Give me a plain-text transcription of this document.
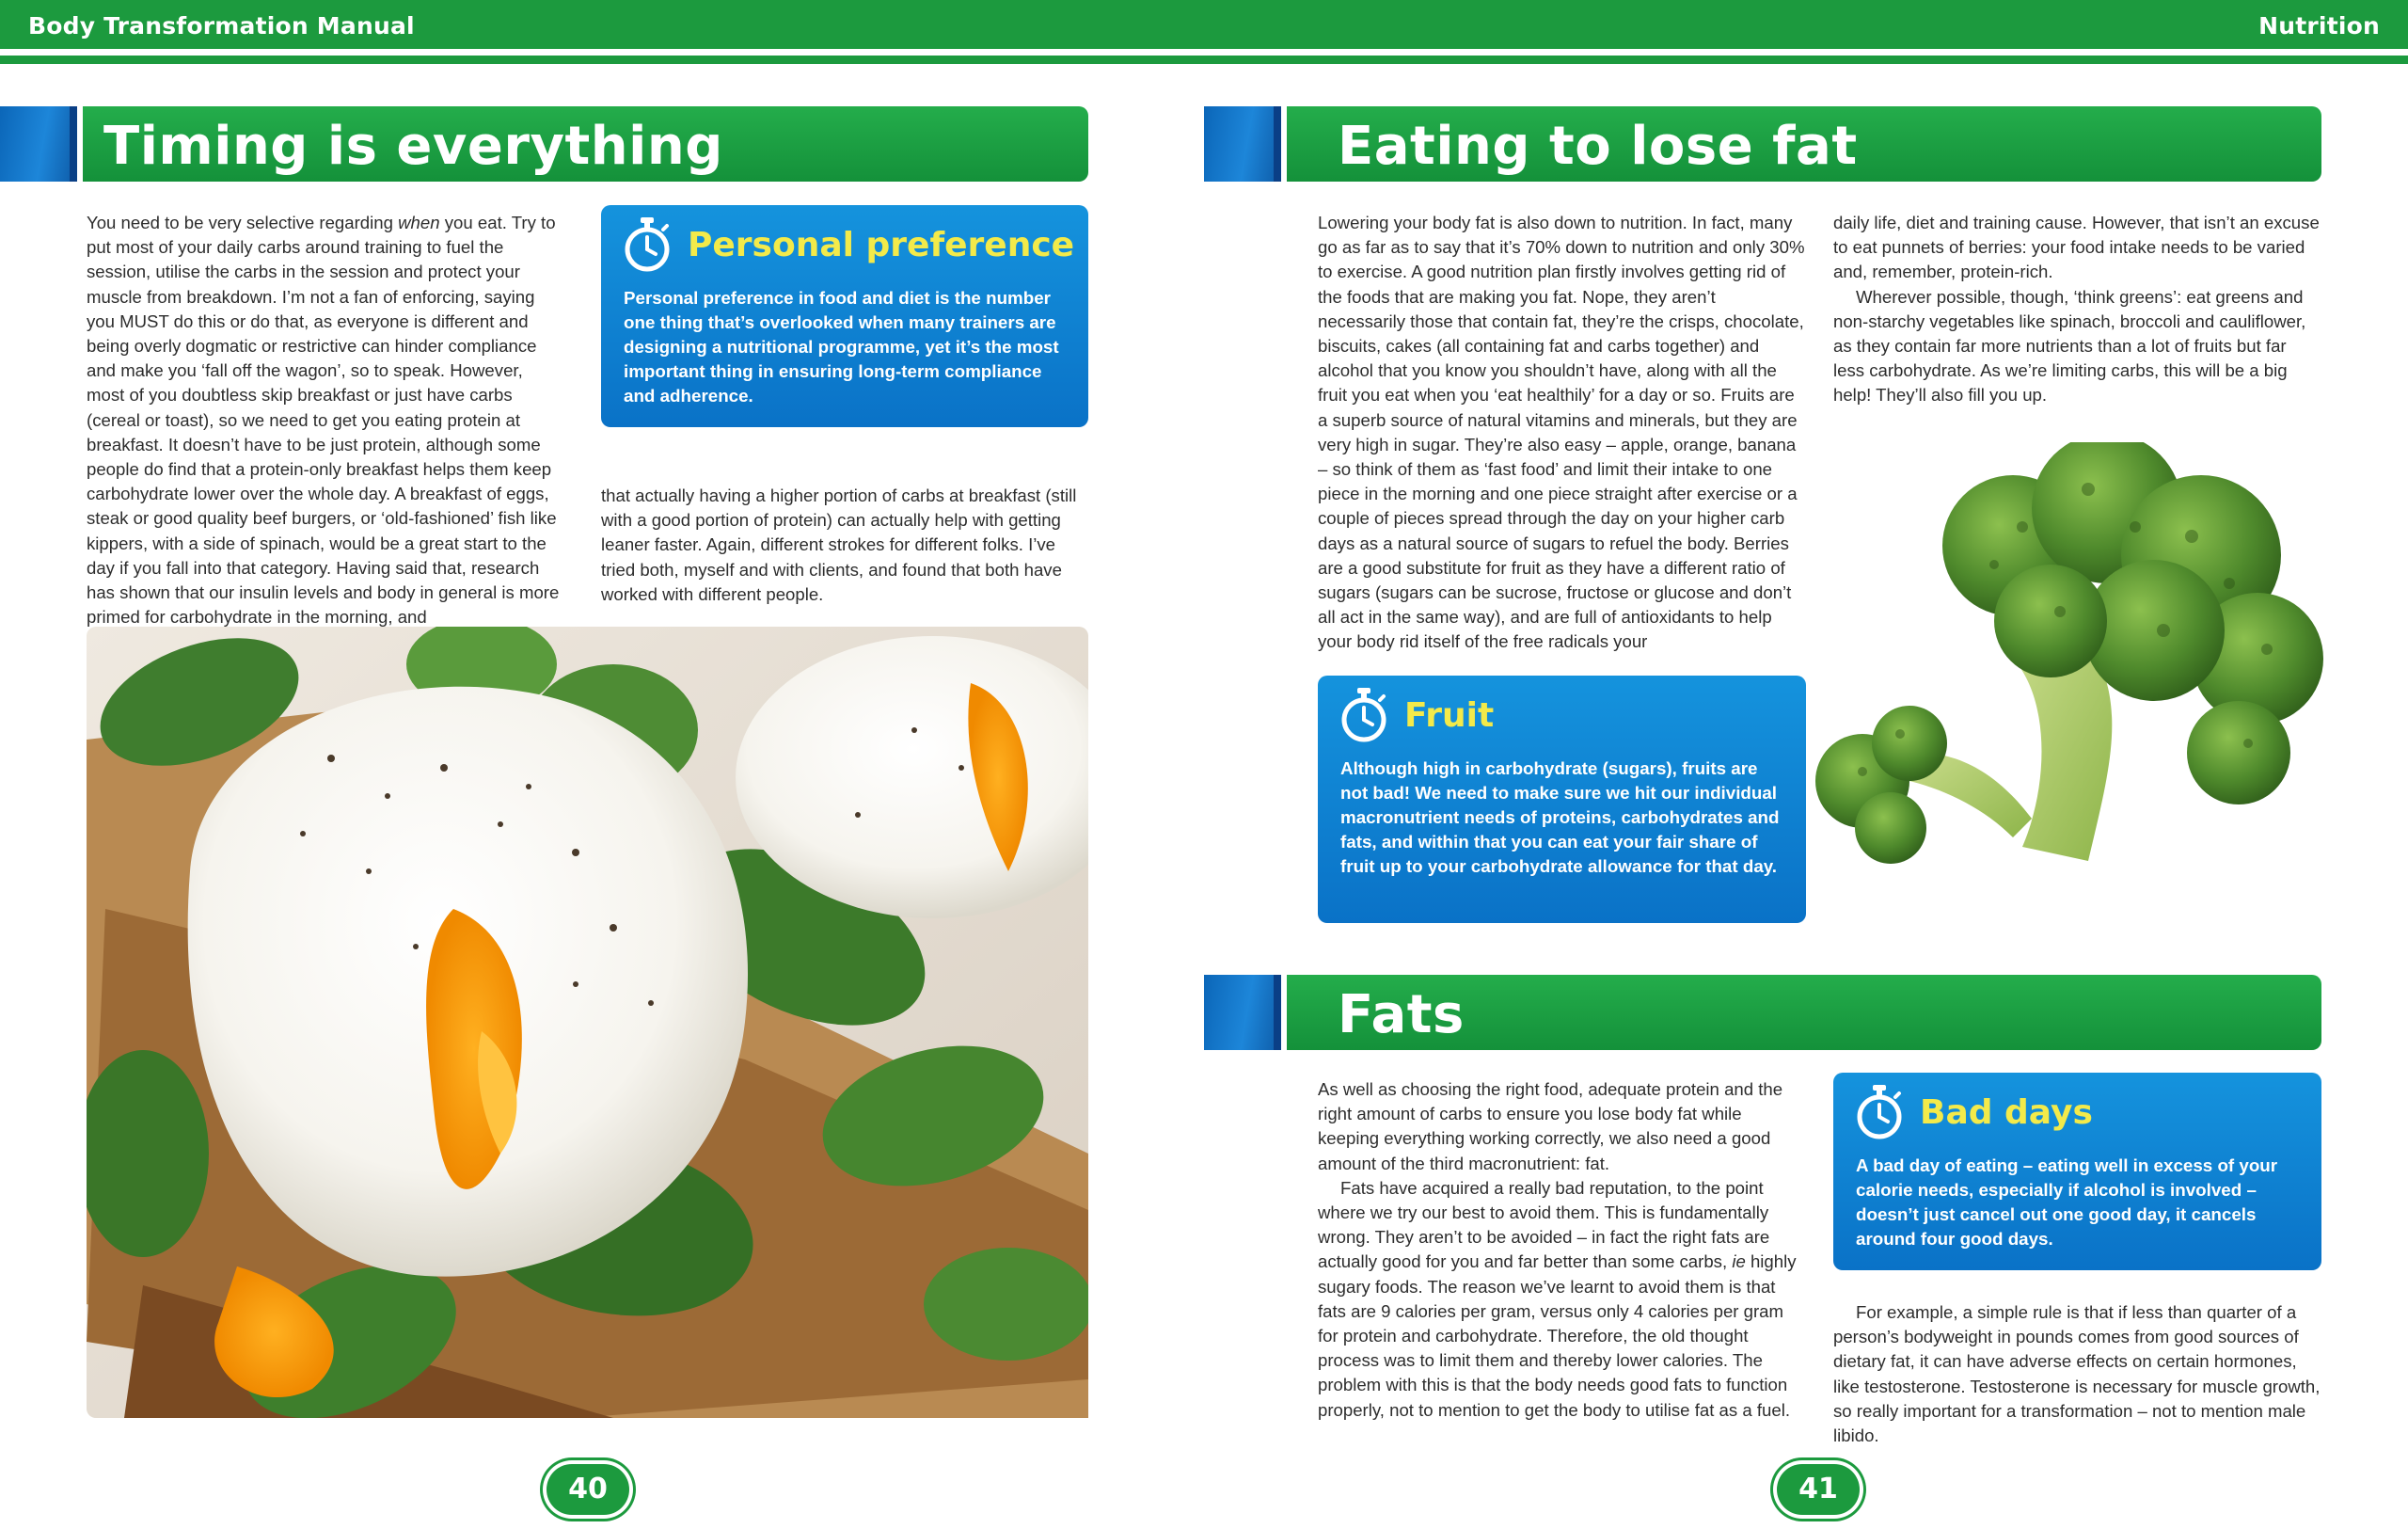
Body Transformation Manual	Nutrition
Timing is everything

You need to be very selective regarding when you eat. Try to put most of your daily carbs around training to fuel the session, utilise the carbs in the session and protect your muscle from breakdown. I’m not a fan of enforcing, saying you MUST do this or do that, as everyone is different and being overly dogmatic or restrictive can hinder compliance and make you ‘fall off the wagon’, so to speak. However, most of you doubtless skip breakfast or just have carbs (cereal or toast), so we need to get you eating protein at breakfast. It doesn’t have to be just protein, although some people do find that a protein-only breakfast helps them keep carbohydrate lower over the whole day. A breakfast of eggs, steak or good quality beef burgers, or ‘old-fashioned’ fish like kippers, with a side of spinach, would be a great start to the day if you fall into that category. Having said that, research has shown that our insulin levels and body in general is more primed for carbohydrate in the morning, and

that actually having a higher portion of carbs at breakfast (still with a good portion of protein) can actually help with getting leaner faster. Again, different strokes for different folks. I’ve tried both, myself and with clients, and found that both have worked with different people.

Personal preference
Personal preference in food and diet is the number one thing that’s overlooked when many trainers are designing a nutritional programme, yet it’s the most important thing in ensuring long-term compliance and adherence.
40
Eating to lose fat

Lowering your body fat is also down to nutrition. In fact, many go as far as to say that it’s 70% down to nutrition and only 30% to exercise. A good nutrition plan firstly involves getting rid of the foods that are making you fat. Nope, they aren’t necessarily those that contain fat, they’re the crisps, chocolate, biscuits, cakes (all containing fat and carbs together) and alcohol that you know you shouldn’t have, along with all the fruit you eat when you ‘eat healthily’ for a day or so. Fruits are a superb source of natural vitamins and minerals, but they are very high in sugar. They’re also easy – apple, orange, banana – so think of them as ‘fast food’ and limit their intake to one piece in the morning and one piece straight after exercise or a couple of pieces spread through the day on your higher carb days as a natural source of sugars to refuel the body. Berries are a good substitute for fruit as they have a different ratio of sugars (sugars can be sucrose, fructose or glucose and don’t all act in the same way), and are full of antioxidants to help your body rid itself of the free radicals your

daily life, diet and training cause. However, that isn’t an excuse to eat punnets of berries: your food intake needs to be varied and, remember, protein-rich.

Wherever possible, though, ‘think greens’: eat greens and non-starchy vegetables like spinach, broccoli and cauliflower, as they contain far more nutrients than a lot of fruits but far less carbohydrate. As we’re limiting carbs, this will be a big help! They’ll also fill you up.

Fruit
Although high in carbohydrate (sugars), fruits are not bad! We need to make sure we hit our individual macronutrient needs of proteins, carbohydrates and fats, and within that you can eat your fair share of fruit up to your carbohydrate allowance for that day.
Fats

As well as choosing the right food, adequate protein and the right amount of carbs to ensure you lose body fat while keeping everything working correctly, we also need a good amount of the third macronutrient: fat.

Fats have acquired a really bad reputation, to the point where we try our best to avoid them. This is fundamentally wrong. They aren’t to be avoided – in fact the right fats are actually good for you and far better than some carbs, ie highly sugary foods. The reason we’ve learnt to avoid them is that fats are 9 calories per gram, versus only 4 calories per gram for protein and carbohydrate. Therefore, the old thought process was to limit them and thereby lower calories. The problem with this is that the body needs good fats to function properly, not to mention to get the body to utilise fat as a fuel.

Bad days
A bad day of eating – eating well in excess of your calorie needs, especially if alcohol is involved – doesn’t just cancel out one good day, it cancels around four good days.

For example, a simple rule is that if less than quarter of a person’s bodyweight in pounds comes from good sources of dietary fat, it can have adverse effects on certain hormones, like testosterone. Testosterone is necessary for muscle growth, so really important for a transformation – not to mention male libido.

41
